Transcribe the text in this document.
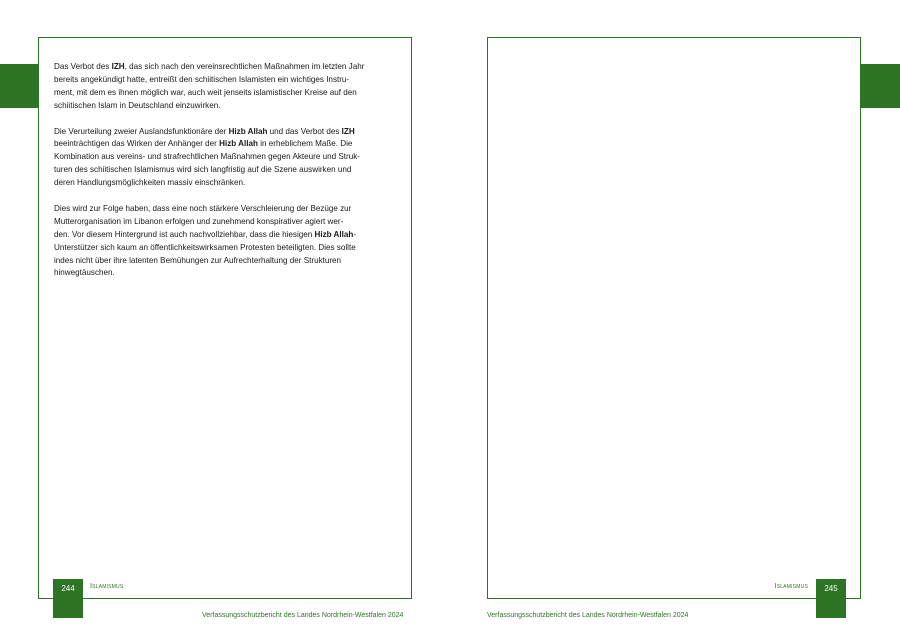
Das Verbot des IZH, das sich nach den vereinsrechtlichen Maßnahmen im letzten Jahr
bereits angekündigt hatte, entreißt den schiitischen Islamisten ein wichtiges Instru-
ment, mit dem es ihnen möglich war, auch weit jenseits islamistischer Kreise auf den
schiitischen Islam in Deutschland einzuwirken.

Die Verurteilung zweier Auslandsfunktionäre der Hizb Allah und das Verbot des IZH
beeinträchtigen das Wirken der Anhänger der Hizb Allah in erheblichem Maße. Die
Kombination aus vereins- und strafrechtlichen Maßnahmen gegen Akteure und Struk-
turen des schiitischen Islamismus wird sich langfristig auf die Szene auswirken und
deren Handlungsmöglichkeiten massiv einschränken.

Dies wird zur Folge haben, dass eine noch stärkere Verschleierung der Bezüge zur
Mutterorganisation im Libanon erfolgen und zunehmend konspirativer agiert wer-
den. Vor diesem Hintergrund ist auch nachvollziehbar, dass die hiesigen Hizb Allah-
Unterstützer sich kaum an öffentlichkeitswirksamen Protesten beteiligten. Dies sollte
indes nicht über ihre latenten Bemühungen zur Aufrechterhaltung der Strukturen
hinwegtäuschen.

244	Islamismus
Verfassungsschutzbericht des Landes Nordrhein-Westfalen 2024
Islamismus	245
Verfassungsschutzbericht des Landes Nordrhein-Westfalen 2024
